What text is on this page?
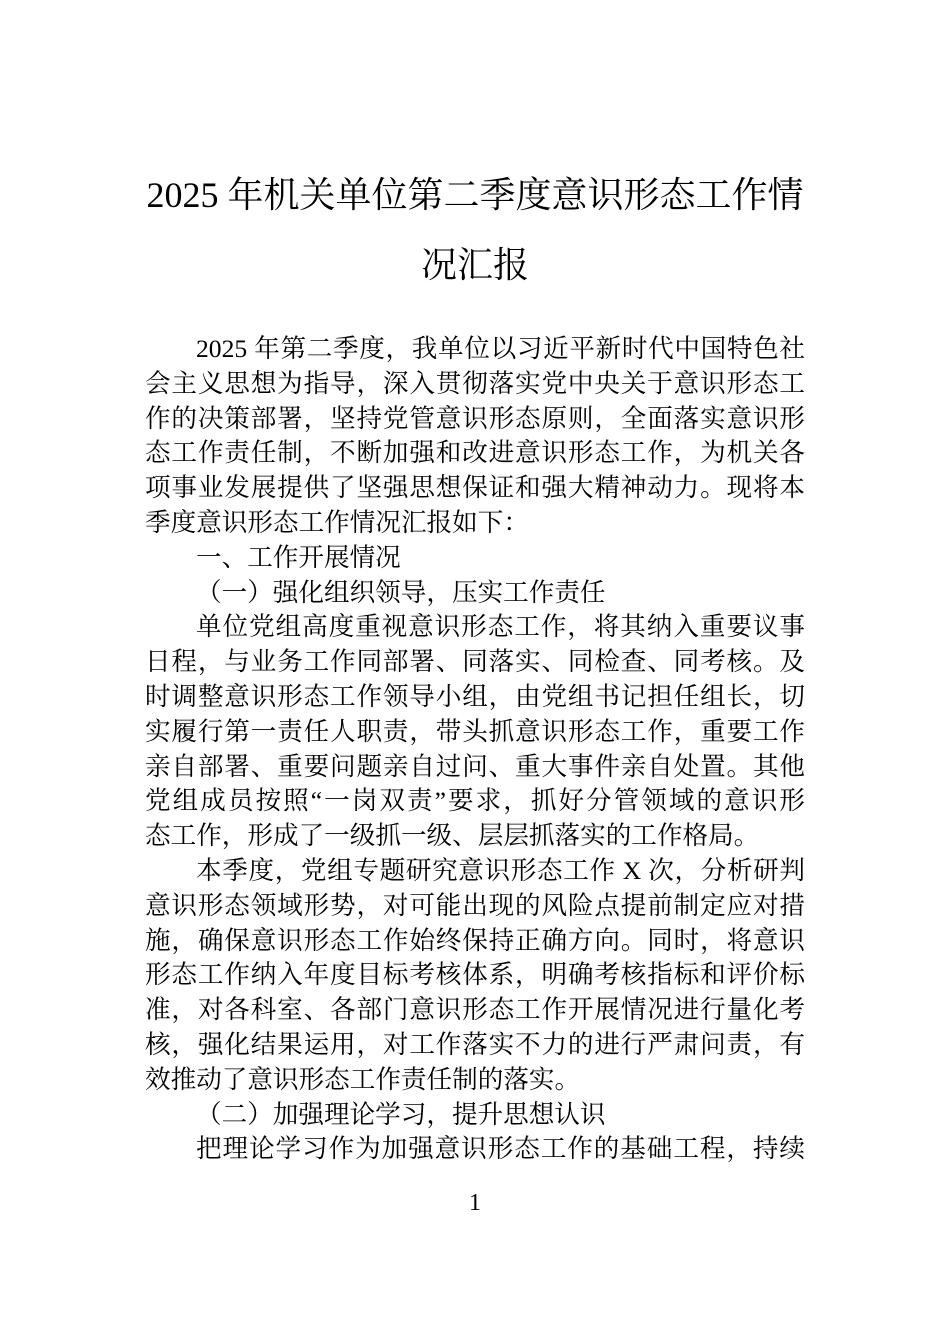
2025 年机关单位第二季度意识形态工作情
况汇报
2025 年第二季度，我单位以习近平新时代中国特色社
会主义思想为指导，深入贯彻落实党中央关于意识形态工
作的决策部署，坚持党管意识形态原则，全面落实意识形
态工作责任制，不断加强和改进意识形态工作，为机关各
项事业发展提供了坚强思想保证和强大精神动力。现将本
季度意识形态工作情况汇报如下：
一、工作开展情况
（一）强化组织领导，压实工作责任
单位党组高度重视意识形态工作，将其纳入重要议事
日程，与业务工作同部署、同落实、同检查、同考核。及
时调整意识形态工作领导小组，由党组书记担任组长，切
实履行第一责任人职责，带头抓意识形态工作，重要工作
亲自部署、重要问题亲自过问、重大事件亲自处置。其他
党组成员按照“一岗双责”要求，抓好分管领域的意识形
态工作，形成了一级抓一级、层层抓落实的工作格局。
本季度，党组专题研究意识形态工作 X 次，分析研判
意识形态领域形势，对可能出现的风险点提前制定应对措
施，确保意识形态工作始终保持正确方向。同时，将意识
形态工作纳入年度目标考核体系，明确考核指标和评价标
准，对各科室、各部门意识形态工作开展情况进行量化考
核，强化结果运用，对工作落实不力的进行严肃问责，有
效推动了意识形态工作责任制的落实。
（二）加强理论学习，提升思想认识
把理论学习作为加强意识形态工作的基础工程，持续
1
